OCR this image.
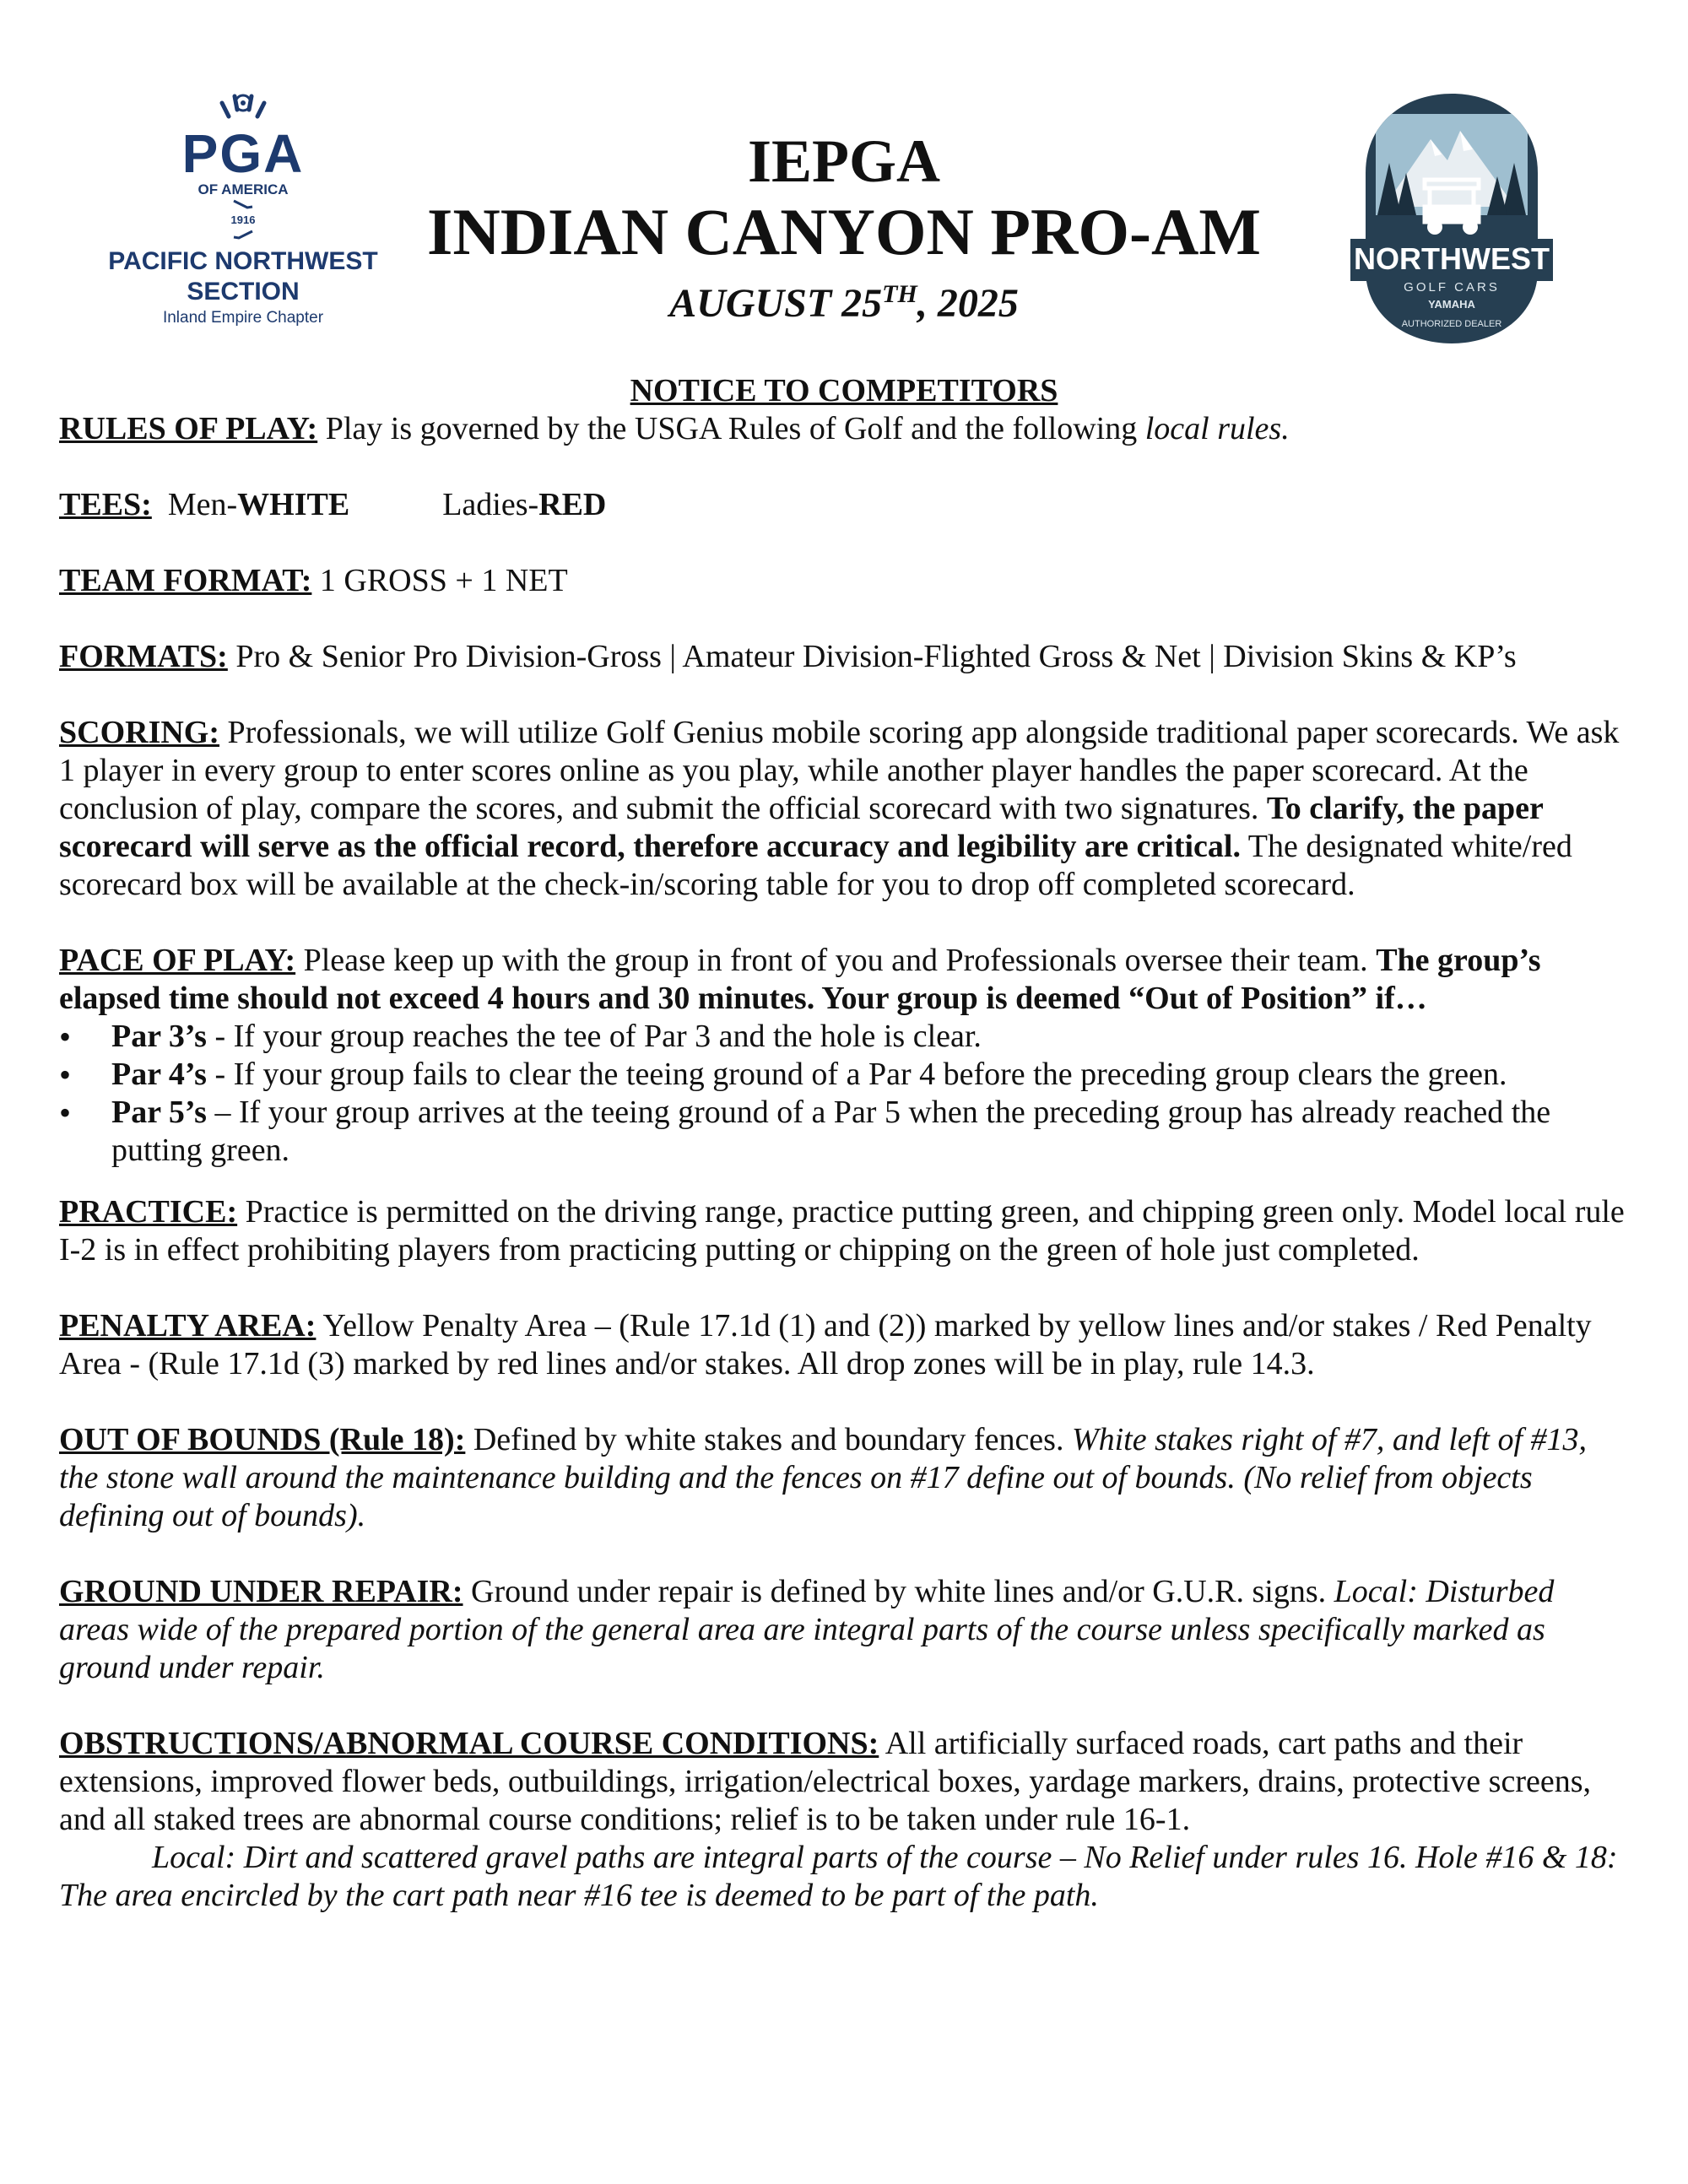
PGA
OF AMERICA
1916
PACIFIC NORTHWEST
SECTION
Inland Empire Chapter
IEPGA
INDIAN CANYON PRO-AM
AUGUST 25TH, 2025
NORTHWEST
GOLF CARS
YAMAHA
AUTHORIZED DEALER
NOTICE TO COMPETITORS

RULES OF PLAY: Play is governed by the USGA Rules of Golf and the following local rules.

TEES:  Men-WHITE	Ladies-RED

TEAM FORMAT: 1 GROSS + 1 NET

FORMATS: Pro & Senior Pro Division-Gross | Amateur Division-Flighted Gross & Net | Division Skins & KP’s

SCORING: Professionals, we will utilize Golf Genius mobile scoring app alongside traditional paper scorecards. We ask 1 player in every group to enter scores online as you play, while another player handles the paper scorecard. At the conclusion of play, compare the scores, and submit the official scorecard with two signatures. To clarify, the paper scorecard will serve as the official record, therefore accuracy and legibility are critical. The designated white/red scorecard box will be available at the check-in/scoring table for you to drop off completed scorecard.

PACE OF PLAY: Please keep up with the group in front of you and Professionals oversee their team. The group’s elapsed time should not exceed 4 hours and 30 minutes. Your group is deemed “Out of Position” if…

• Par 3’s - If your group reaches the tee of Par 3 and the hole is clear.
• Par 4’s - If your group fails to clear the teeing ground of a Par 4 before the preceding group clears the green.
• Par 5’s – If your group arrives at the teeing ground of a Par 5 when the preceding group has already reached the putting green.

PRACTICE: Practice is permitted on the driving range, practice putting green, and chipping green only. Model local rule I-2 is in effect prohibiting players from practicing putting or chipping on the green of hole just completed.

PENALTY AREA: Yellow Penalty Area – (Rule 17.1d (1) and (2)) marked by yellow lines and/or stakes / Red Penalty Area - (Rule 17.1d (3) marked by red lines and/or stakes. All drop zones will be in play, rule 14.3.

OUT OF BOUNDS (Rule 18): Defined by white stakes and boundary fences. White stakes right of #7, and left of #13, the stone wall around the maintenance building and the fences on #17 define out of bounds. (No relief from objects defining out of bounds).

GROUND UNDER REPAIR: Ground under repair is defined by white lines and/or G.U.R. signs. Local: Disturbed areas wide of the prepared portion of the general area are integral parts of the course unless specifically marked as ground under repair.

OBSTRUCTIONS/ABNORMAL COURSE CONDITIONS: All artificially surfaced roads, cart paths and their extensions, improved flower beds, outbuildings, irrigation/electrical boxes, yardage markers, drains, protective screens, and all staked trees are abnormal course conditions; relief is to be taken under rule 16-1.

Local: Dirt and scattered gravel paths are integral parts of the course – No Relief under rules 16. Hole #16 & 18: The area encircled by the cart path near #16 tee is deemed to be part of the path.
